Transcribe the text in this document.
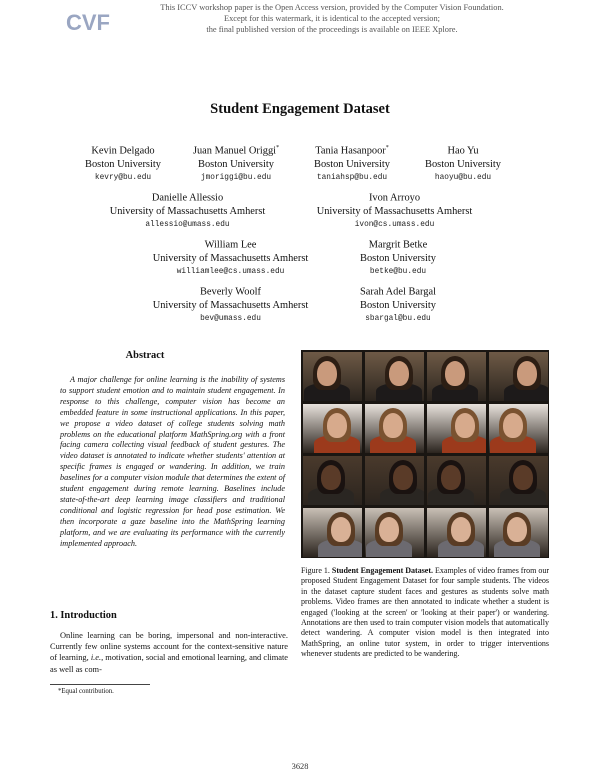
CVF
This ICCV workshop paper is the Open Access version, provided by the Computer Vision Foundation.
Except for this watermark, it is identical to the accepted version;
the final published version of the proceedings is available on IEEE Xplore.
Student Engagement Dataset
Kevin Delgado
Boston University
kevry@bu.edu
Juan Manuel Origgi*
Boston University
jmoriggi@bu.edu
Tania Hasanpoor*
Boston University
taniahsp@bu.edu
Hao Yu
Boston University
haoyu@bu.edu
Danielle Allessio
University of Massachusetts Amherst
allessio@umass.edu
Ivon Arroyo
University of Massachusetts Amherst
ivon@cs.umass.edu
William Lee
University of Massachusetts Amherst
williamlee@cs.umass.edu
Margrit Betke
Boston University
betke@bu.edu
Beverly Woolf
University of Massachusetts Amherst
bev@umass.edu
Sarah Adel Bargal
Boston University
sbargal@bu.edu
Abstract

A major challenge for online learning is the inability of systems to support student emotion and to maintain student engagement. In response to this challenge, computer vision has become an embedded feature in some instructional applications. In this paper, we propose a video dataset of college students solving math problems on the educational platform MathSpring.org with a front facing camera collecting visual feedback of student gestures. The video dataset is annotated to indicate whether students' attention at specific frames is engaged or wandering. In addition, we train baselines for a computer vision module that determines the extent of student engagement during remote learning. Baselines include state-of-the-art deep learning image classifiers and traditional conditional and logistic regression for head pose estimation. We then incorporate a gaze baseline into the MathSpring learning platform, and we are evaluating its performance with the currently implemented approach.

1. Introduction

Online learning can be boring, impersonal and non-interactive. Currently few online systems account for the context-sensitive nature of learning, i.e., motivation, social and emotional learning, and climate as well as com-

*Equal contribution.
Figure 1. Student Engagement Dataset. Examples of video frames from our proposed Student Engagement Dataset for four sample students. The videos in the dataset capture student faces and gestures as students solve math problems. Video frames are then annotated to indicate whether a student is engaged ('looking at the screen' or 'looking at their paper') or wandering. Annotations are then used to train computer vision models that automatically detect wandering. A computer vision model is then integrated into MathSpring, an online tutor system, in order to trigger interventions whenever students are predicted to be wandering.
3628
